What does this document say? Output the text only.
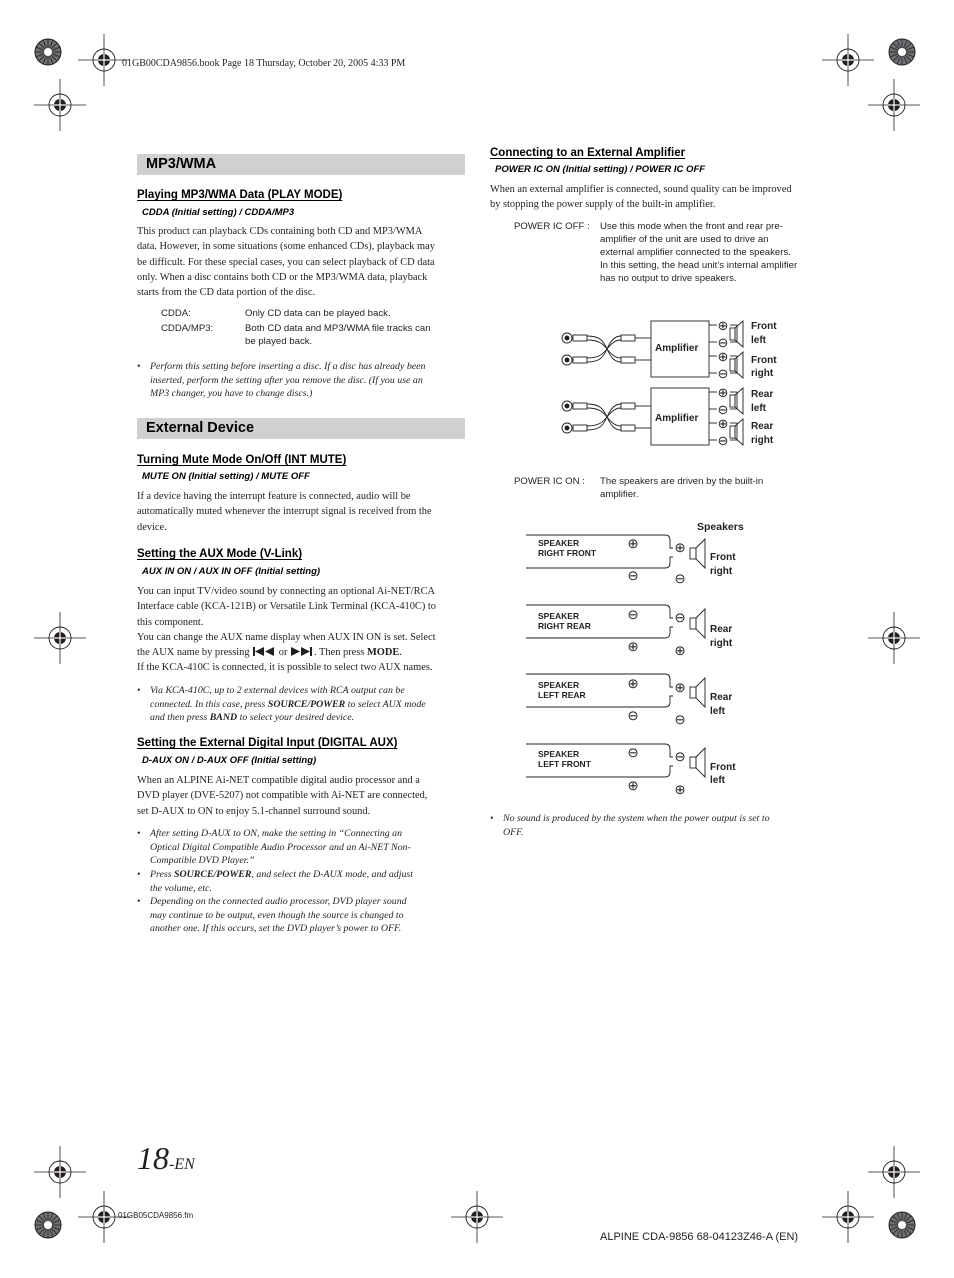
01GB00CDA9856.book Page 18 Thursday, October 20, 2005 4:33 PM
MP3/WMA
Playing MP3/WMA Data (PLAY MODE)
CDDA (Initial setting) / CDDA/MP3

This product can playback CDs containing both CD and MP3/WMA

data. However, in some situations (some enhanced CDs), playback may

be difficult. For these special cases, you can select playback of CD data

only. When a disc contains both CD or the MP3/WMA data, playback

starts from the CD data portion of the disc.

CDDA:	Only CD data can be played back.
CDDA/MP3:	Both CD data and MP3/WMA file tracks can
be played back.
• Perform this setting before inserting a disc. If a disc has already been
inserted, perform the setting after you remove the disc. (If you use an
MP3 changer, you have to change discs.)
External Device
Turning Mute Mode On/Off (INT MUTE)
MUTE ON (Initial setting) / MUTE OFF

If a device having the interrupt feature is connected, audio will be

automatically muted whenever the interrupt signal is received from the

device.

Setting the AUX Mode (V-Link)
AUX IN ON / AUX IN OFF (Initial setting)

You can input TV/video sound by connecting an optional Ai-NET/RCA

Interface cable (KCA-121B) or Versatile Link Terminal (KCA-410C) to

this component.

You can change the AUX name display when AUX IN ON is set. Select

the AUX name by pressing	or	. Then press MODE.

If the KCA-410C is connected, it is possible to select two AUX names.

• Via KCA-410C, up to 2 external devices with RCA output can be
connected. In this case, press SOURCE/POWER to select AUX mode
and then press BAND to select your desired device.
Setting the External Digital Input (DIGITAL AUX)
D-AUX ON / D-AUX OFF (Initial setting)

When an ALPINE Ai-NET compatible digital audio processor and a

DVD player (DVE-5207) not compatible with Ai-NET are connected,

set D-AUX to ON to enjoy 5.1-channel surround sound.

• After setting D-AUX to ON, make the setting in “Connecting an
Optical Digital Compatible Audio Processor and an Ai-NET Non-
Compatible DVD Player.”
• Press SOURCE/POWER, and select the D-AUX mode, and adjust
the volume, etc.
• Depending on the connected audio processor, DVD player sound
may continue to be output, even though the source is changed to
another one. If this occurs, set the DVD player’s power to OFF.
Connecting to an External Amplifier
POWER IC ON (Initial setting) / POWER IC OFF

When an external amplifier is connected, sound quality can be improved

by stopping the power supply of the built-in amplifier.

POWER IC OFF : Use this mode when the front and rear pre-
amplifier of the unit are used to drive an
external amplifier connected to the speakers.
In this setting, the head unit’s internal amplifier
has no output to drive speakers.
⊕
⊖
⊕
⊖
⊕
⊖
⊕
⊖
Amplifier
Amplifier
Front
left
Front
right
Rear
left
Rear
right
POWER IC ON : The speakers are driven by the built-in
amplifier.
Speakers
⊕
⊖
⊕
⊖
⊖
⊕
⊖
⊕
⊕
⊖
⊕
⊖
⊖
⊕
⊖
⊕
SPEAKER
RIGHT FRONT
SPEAKER
RIGHT REAR
SPEAKER
LEFT REAR
SPEAKER
LEFT FRONT
Front
right
Rear
right
Rear
left
Front
left
• No sound is produced by the system when the power output is set to
OFF.
18-EN
01GB05CDA9856.fm
ALPINE CDA-9856 68-04123Z46-A (EN)
